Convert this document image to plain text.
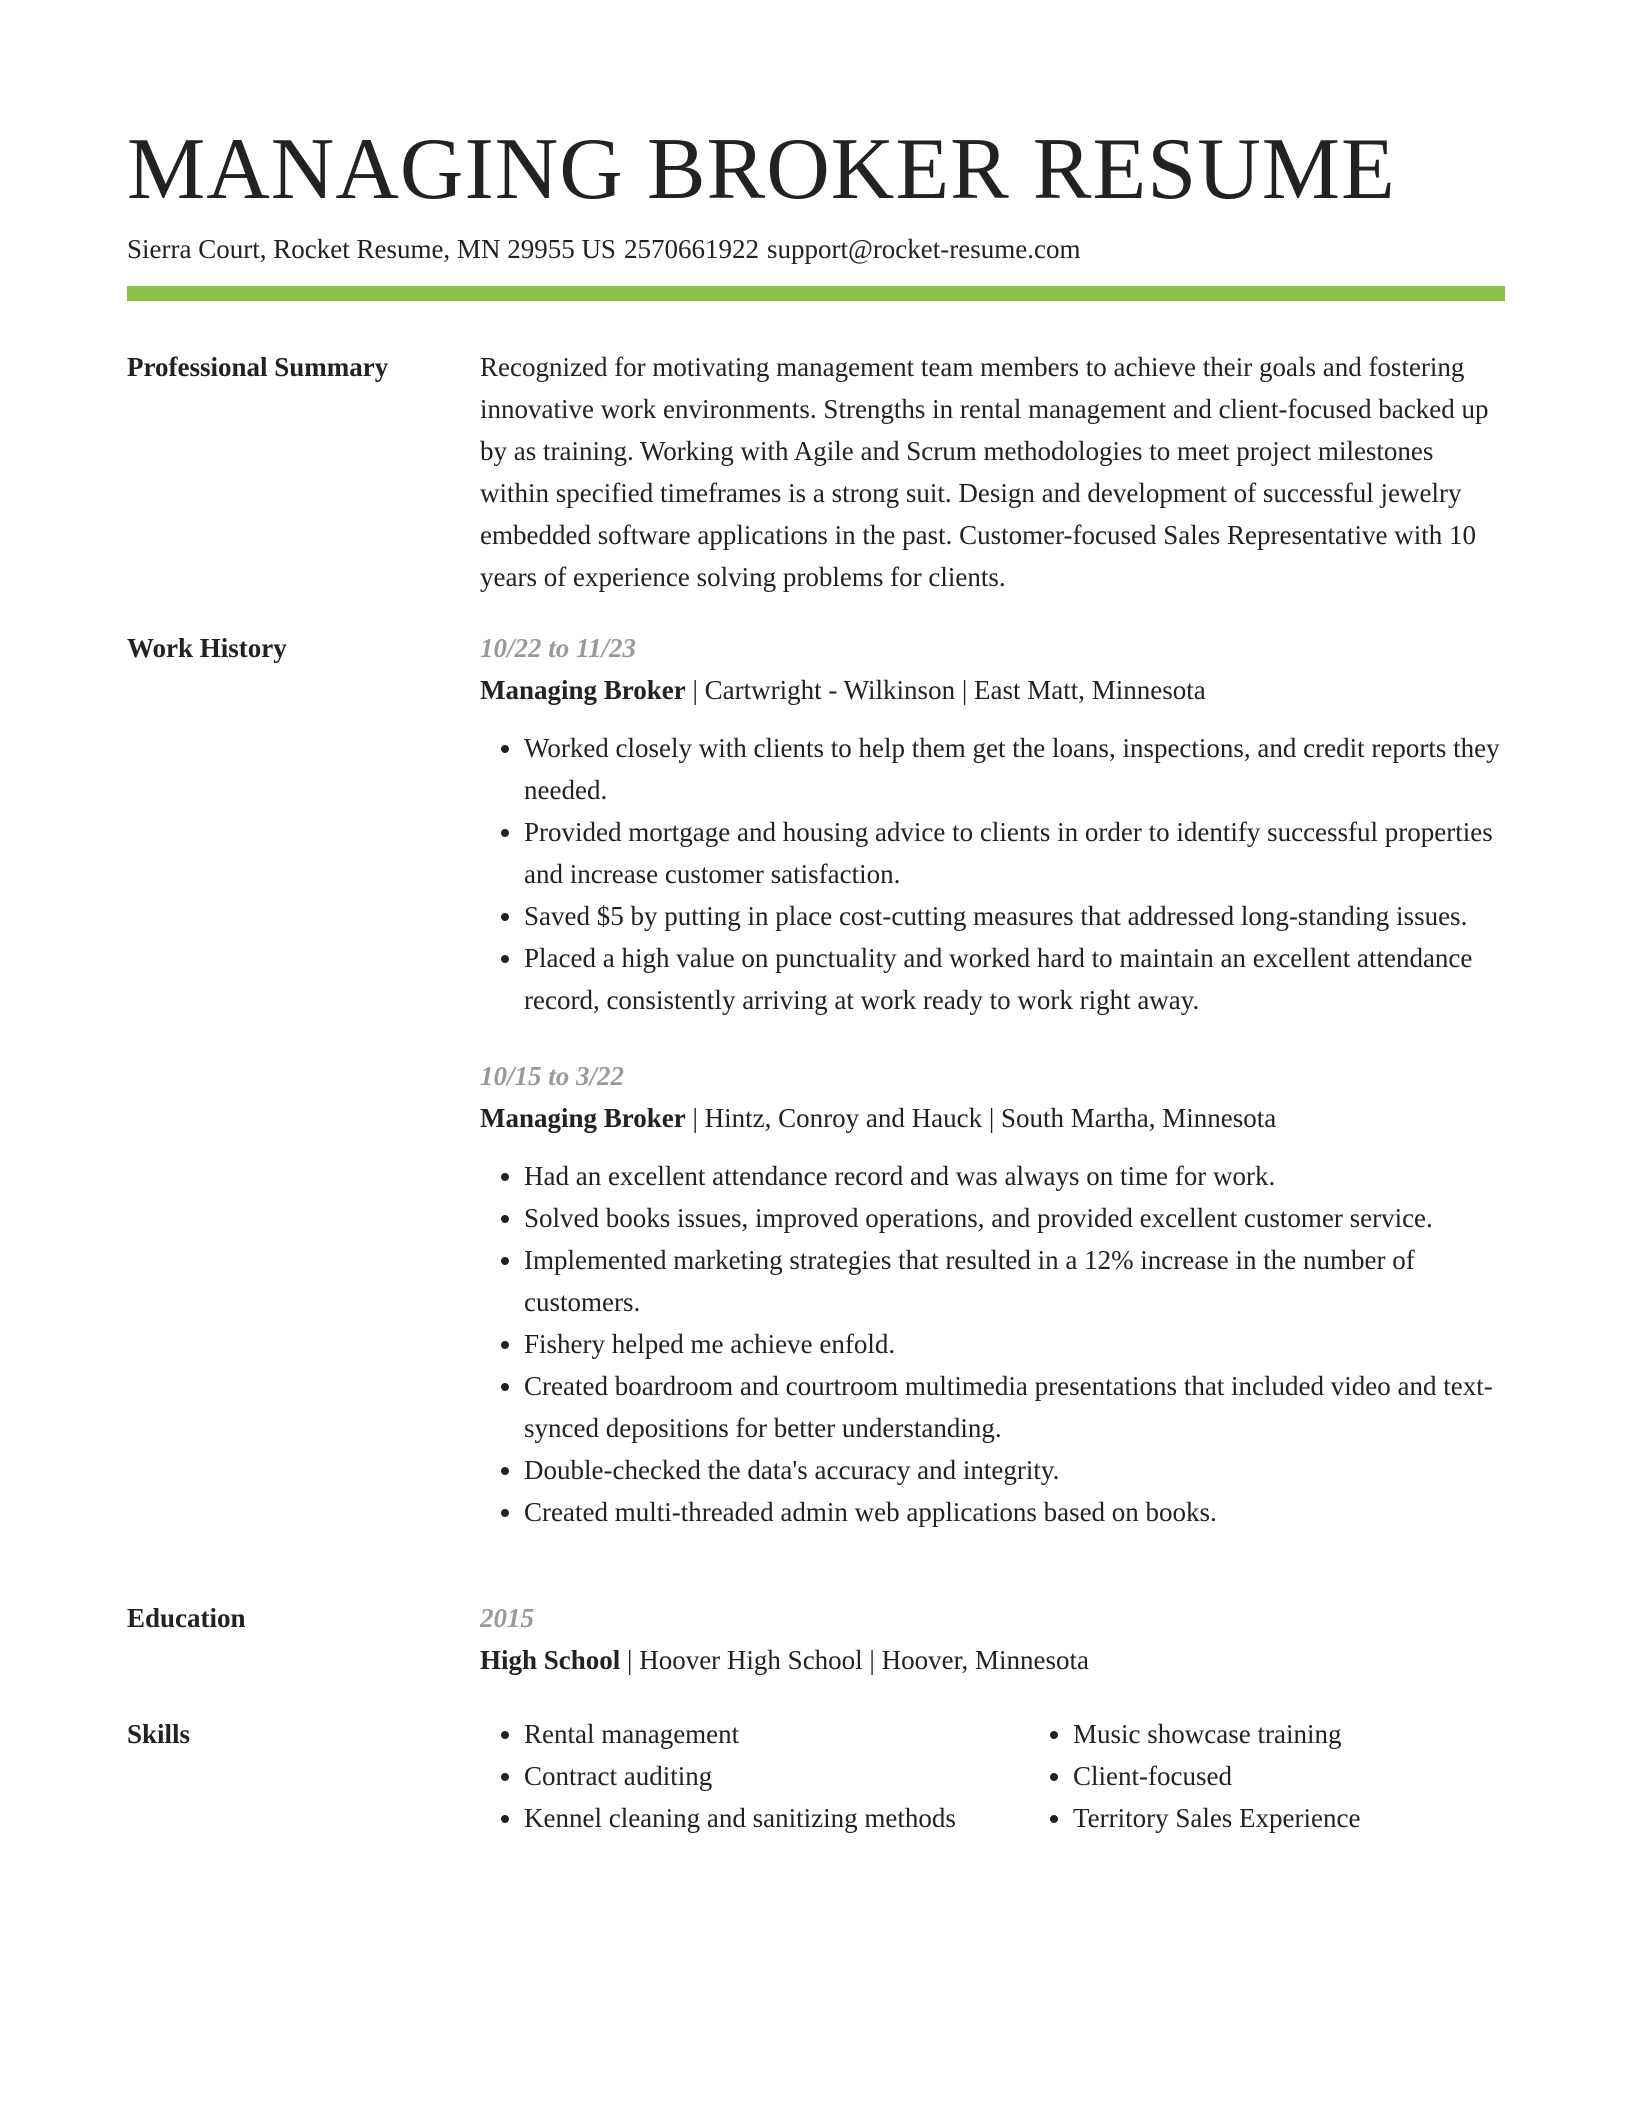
MANAGING BROKER RESUME
Sierra Court, Rocket Resume, MN 29955 US 2570661922 support@rocket-resume.com
Professional Summary	Recognized for motivating management team members to achieve their goals and fostering innovative work environments. Strengths in rental management and client-focused backed up by as training. Working with Agile and Scrum methodologies to meet project milestones within specified timeframes is a strong suit. Design and development of successful jewelry embedded software applications in the past. Customer-focused Sales Representative with 10 years of experience solving problems for clients.

Work History	10/22 to 11/23
Managing Broker | Cartwright - Wilkinson | East Matt, Minnesota
• Worked closely with clients to help them get the loans, inspections, and credit reports they needed.
• Provided mortgage and housing advice to clients in order to identify successful properties and increase customer satisfaction.
• Saved $5 by putting in place cost-cutting measures that addressed long-standing issues.
• Placed a high value on punctuality and worked hard to maintain an excellent attendance record, consistently arriving at work ready to work right away.
10/15 to 3/22
Managing Broker | Hintz, Conroy and Hauck | South Martha, Minnesota
• Had an excellent attendance record and was always on time for work.
• Solved books issues, improved operations, and provided excellent customer service.
• Implemented marketing strategies that resulted in a 12% increase in the number of customers.
• Fishery helped me achieve enfold.
• Created boardroom and courtroom multimedia presentations that included video and text-synced depositions for better understanding.
• Double-checked the data's accuracy and integrity.
• Created multi-threaded admin web applications based on books.
Education	2015
High School | Hoover High School | Hoover, Minnesota
Skills
•	Rental management
• Contract auditing
• Kennel cleaning and sanitizing methods
• Music showcase training
• Client-focused
• Territory Sales Experience
